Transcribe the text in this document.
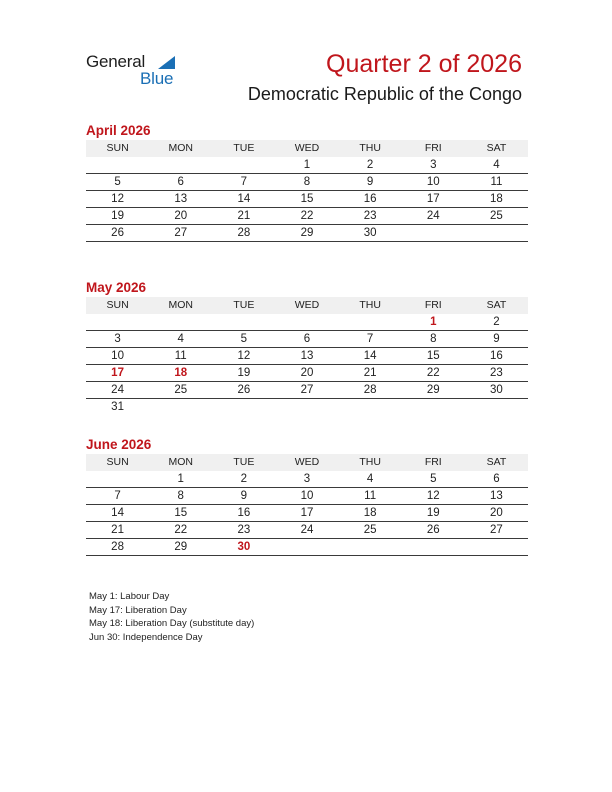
General
Blue
Quarter 2 of 2026
Democratic Republic of the Congo
April 2026
SUN	MON	TUE	WED	THU	FRI	SAT
			1	2	3	4
5	6	7	8	9	10	11
12	13	14	15	16	17	18
19	20	21	22	23	24	25
26	27	28	29	30		
May 2026
SUN	MON	TUE	WED	THU	FRI	SAT
					1	2
3	4	5	6	7	8	9
10	11	12	13	14	15	16
17	18	19	20	21	22	23
24	25	26	27	28	29	30
31						
June 2026
SUN	MON	TUE	WED	THU	FRI	SAT
	1	2	3	4	5	6
7	8	9	10	11	12	13
14	15	16	17	18	19	20
21	22	23	24	25	26	27
28	29	30				
May 1: Labour Day
May 17: Liberation Day
May 18: Liberation Day (substitute day)
Jun 30: Independence Day
